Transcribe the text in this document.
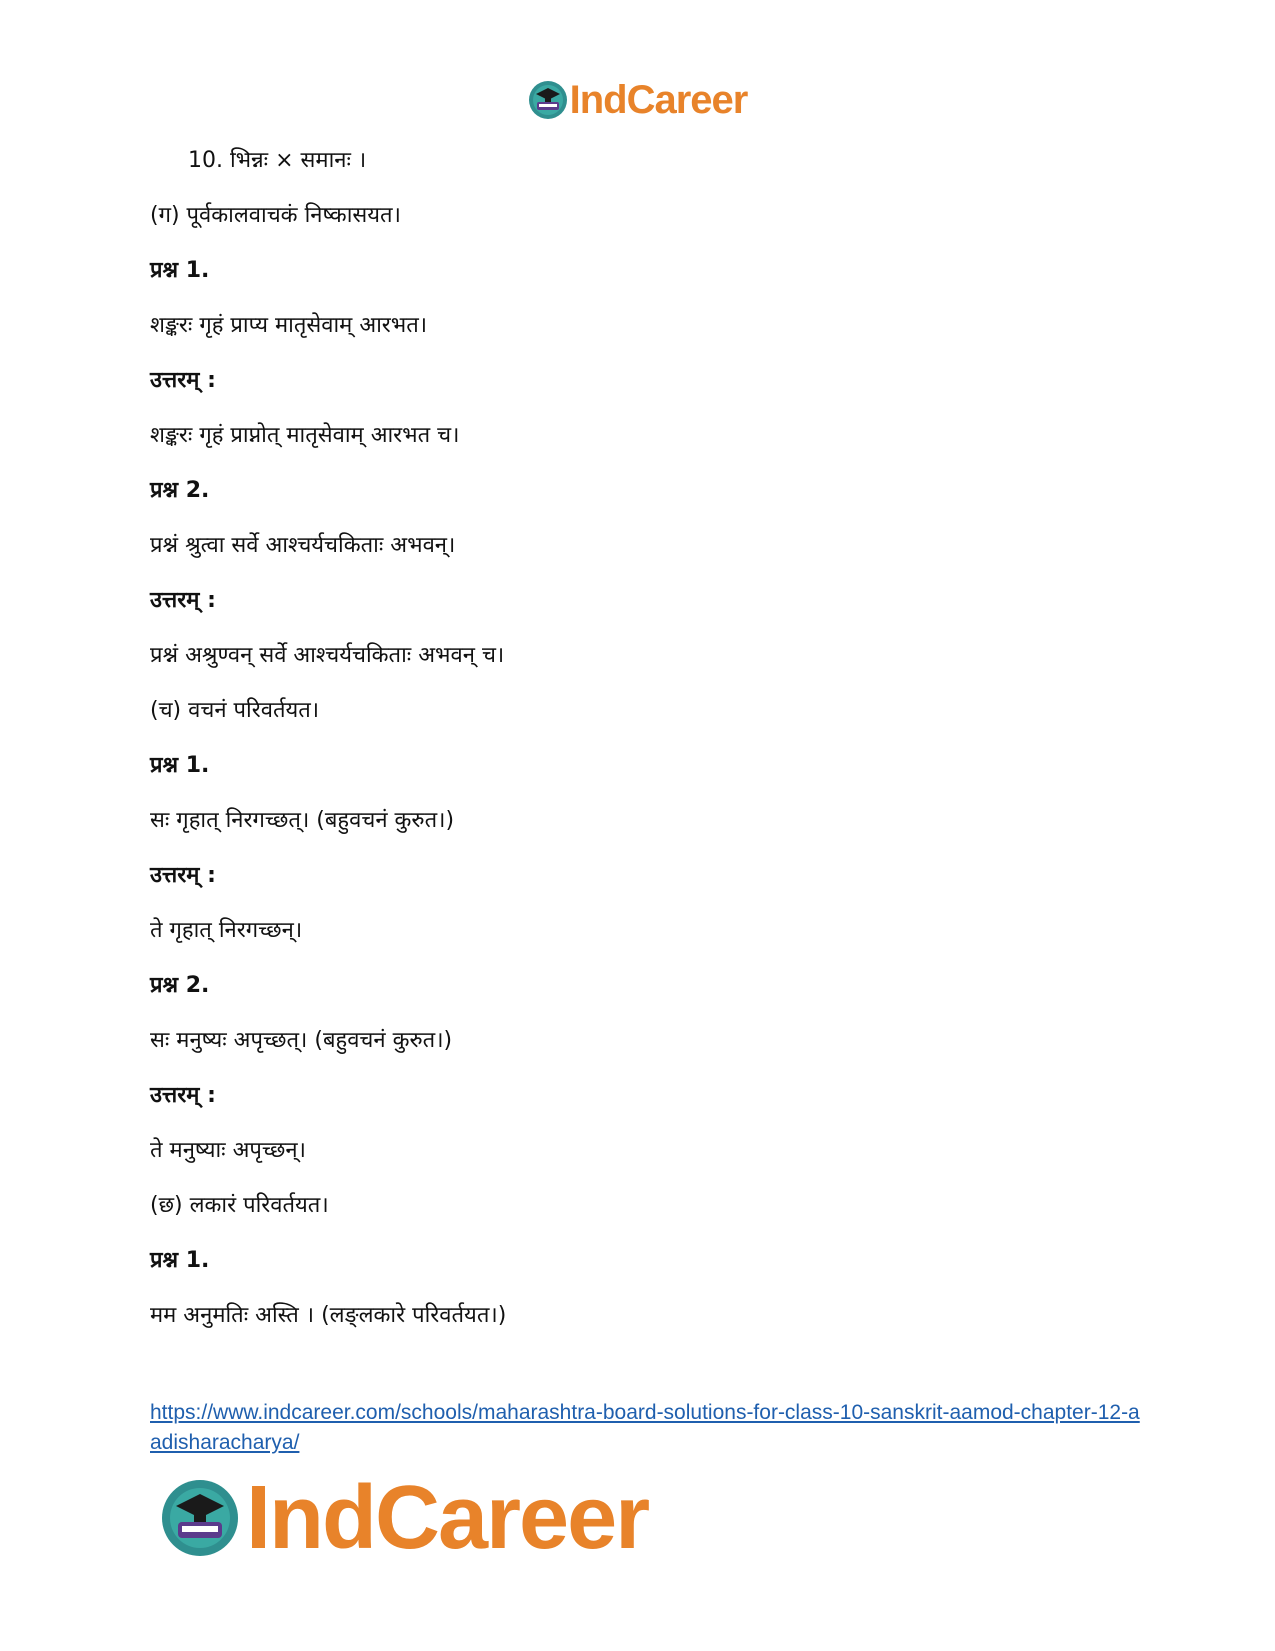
IndCareer
10. भिन्नः × समानः ।
(ग) पूर्वकालवाचकं निष्कासयत।
प्रश्न 1.
शङ्करः गृहं प्राप्य मातृसेवाम् आरभत।
उत्तरम् :
शङ्करः गृहं प्राप्नोत् मातृसेवाम् आरभत च।
प्रश्न 2.
प्रश्नं श्रुत्वा सर्वे आश्चर्यचकिताः अभवन्।
उत्तरम् :
प्रश्नं अश्रुण्वन् सर्वे आश्चर्यचकिताः अभवन् च।
(च) वचनं परिवर्तयत।
प्रश्न 1.
सः गृहात् निरगच्छत्। (बहुवचनं कुरुत।)
उत्तरम् :
ते गृहात् निरगच्छन्।
प्रश्न 2.
सः मनुष्यः अपृच्छत्। (बहुवचनं कुरुत।)
उत्तरम् :
ते मनुष्याः अपृच्छन्।
(छ) लकारं परिवर्तयत।
प्रश्न 1.
मम अनुमतिः अस्ति । (लङ्लकारे परिवर्तयत।)
https://www.indcareer.com/schools/maharashtra-board-solutions-for-class-10-sanskrit-aamod-chapter-12-aadisharacharya/
IndCareer
